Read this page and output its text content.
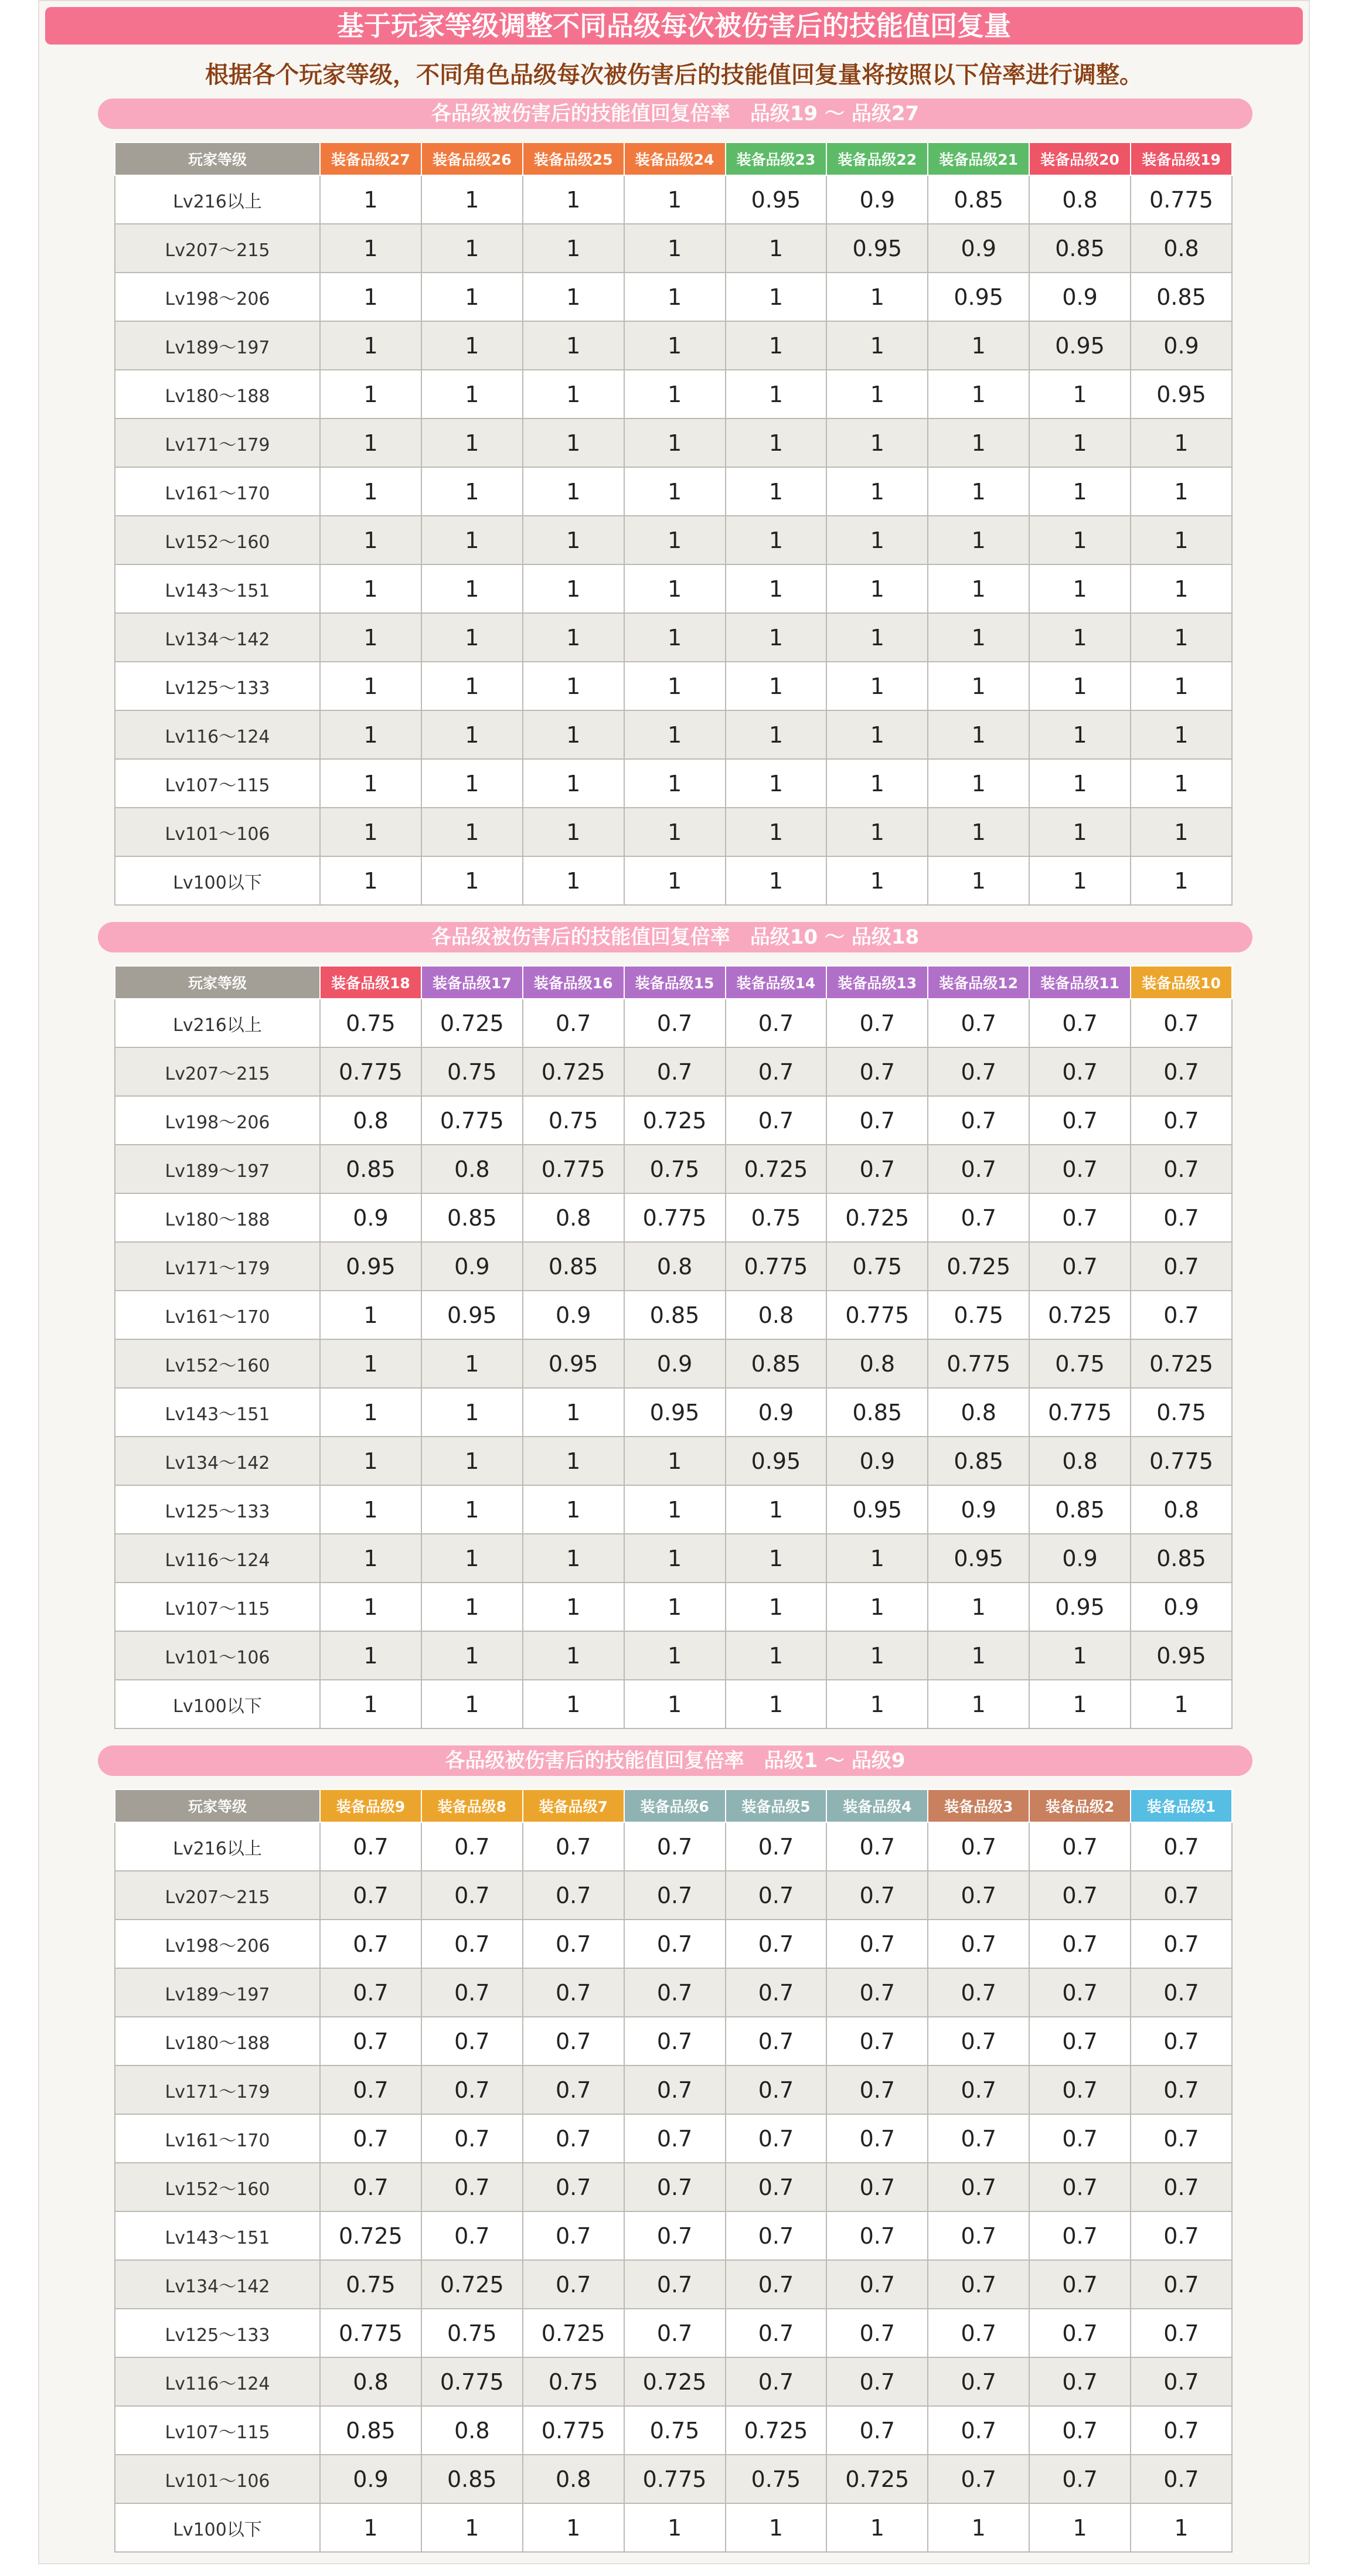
基于玩家等级调整不同品级每次被伤害后的技能值回复量
根据各个玩家等级，不同角色品级每次被伤害后的技能值回复量将按照以下倍率进行调整。
各品级被伤害后的技能值回复倍率　品级19 〜 品级27
玩家等级	装备品级27	装备品级26	装备品级25	装备品级24	装备品级23	装备品级22	装备品级21	装备品级20	装备品级19
Lv216以上	1	1	1	1	0.95	0.9	0.85	0.8	0.775
Lv207〜215	1	1	1	1	1	0.95	0.9	0.85	0.8
Lv198〜206	1	1	1	1	1	1	0.95	0.9	0.85
Lv189〜197	1	1	1	1	1	1	1	0.95	0.9
Lv180〜188	1	1	1	1	1	1	1	1	0.95
Lv171〜179	1	1	1	1	1	1	1	1	1
Lv161〜170	1	1	1	1	1	1	1	1	1
Lv152〜160	1	1	1	1	1	1	1	1	1
Lv143〜151	1	1	1	1	1	1	1	1	1
Lv134〜142	1	1	1	1	1	1	1	1	1
Lv125〜133	1	1	1	1	1	1	1	1	1
Lv116〜124	1	1	1	1	1	1	1	1	1
Lv107〜115	1	1	1	1	1	1	1	1	1
Lv101〜106	1	1	1	1	1	1	1	1	1
Lv100以下	1	1	1	1	1	1	1	1	1
各品级被伤害后的技能值回复倍率　品级10 〜 品级18
玩家等级	装备品级18	装备品级17	装备品级16	装备品级15	装备品级14	装备品级13	装备品级12	装备品级11	装备品级10
Lv216以上	0.75	0.725	0.7	0.7	0.7	0.7	0.7	0.7	0.7
Lv207〜215	0.775	0.75	0.725	0.7	0.7	0.7	0.7	0.7	0.7
Lv198〜206	0.8	0.775	0.75	0.725	0.7	0.7	0.7	0.7	0.7
Lv189〜197	0.85	0.8	0.775	0.75	0.725	0.7	0.7	0.7	0.7
Lv180〜188	0.9	0.85	0.8	0.775	0.75	0.725	0.7	0.7	0.7
Lv171〜179	0.95	0.9	0.85	0.8	0.775	0.75	0.725	0.7	0.7
Lv161〜170	1	0.95	0.9	0.85	0.8	0.775	0.75	0.725	0.7
Lv152〜160	1	1	0.95	0.9	0.85	0.8	0.775	0.75	0.725
Lv143〜151	1	1	1	0.95	0.9	0.85	0.8	0.775	0.75
Lv134〜142	1	1	1	1	0.95	0.9	0.85	0.8	0.775
Lv125〜133	1	1	1	1	1	0.95	0.9	0.85	0.8
Lv116〜124	1	1	1	1	1	1	0.95	0.9	0.85
Lv107〜115	1	1	1	1	1	1	1	0.95	0.9
Lv101〜106	1	1	1	1	1	1	1	1	0.95
Lv100以下	1	1	1	1	1	1	1	1	1
各品级被伤害后的技能值回复倍率　品级1 〜 品级9
玩家等级	装备品级9	装备品级8	装备品级7	装备品级6	装备品级5	装备品级4	装备品级3	装备品级2	装备品级1
Lv216以上	0.7	0.7	0.7	0.7	0.7	0.7	0.7	0.7	0.7
Lv207〜215	0.7	0.7	0.7	0.7	0.7	0.7	0.7	0.7	0.7
Lv198〜206	0.7	0.7	0.7	0.7	0.7	0.7	0.7	0.7	0.7
Lv189〜197	0.7	0.7	0.7	0.7	0.7	0.7	0.7	0.7	0.7
Lv180〜188	0.7	0.7	0.7	0.7	0.7	0.7	0.7	0.7	0.7
Lv171〜179	0.7	0.7	0.7	0.7	0.7	0.7	0.7	0.7	0.7
Lv161〜170	0.7	0.7	0.7	0.7	0.7	0.7	0.7	0.7	0.7
Lv152〜160	0.7	0.7	0.7	0.7	0.7	0.7	0.7	0.7	0.7
Lv143〜151	0.725	0.7	0.7	0.7	0.7	0.7	0.7	0.7	0.7
Lv134〜142	0.75	0.725	0.7	0.7	0.7	0.7	0.7	0.7	0.7
Lv125〜133	0.775	0.75	0.725	0.7	0.7	0.7	0.7	0.7	0.7
Lv116〜124	0.8	0.775	0.75	0.725	0.7	0.7	0.7	0.7	0.7
Lv107〜115	0.85	0.8	0.775	0.75	0.725	0.7	0.7	0.7	0.7
Lv101〜106	0.9	0.85	0.8	0.775	0.75	0.725	0.7	0.7	0.7
Lv100以下	1	1	1	1	1	1	1	1	1
